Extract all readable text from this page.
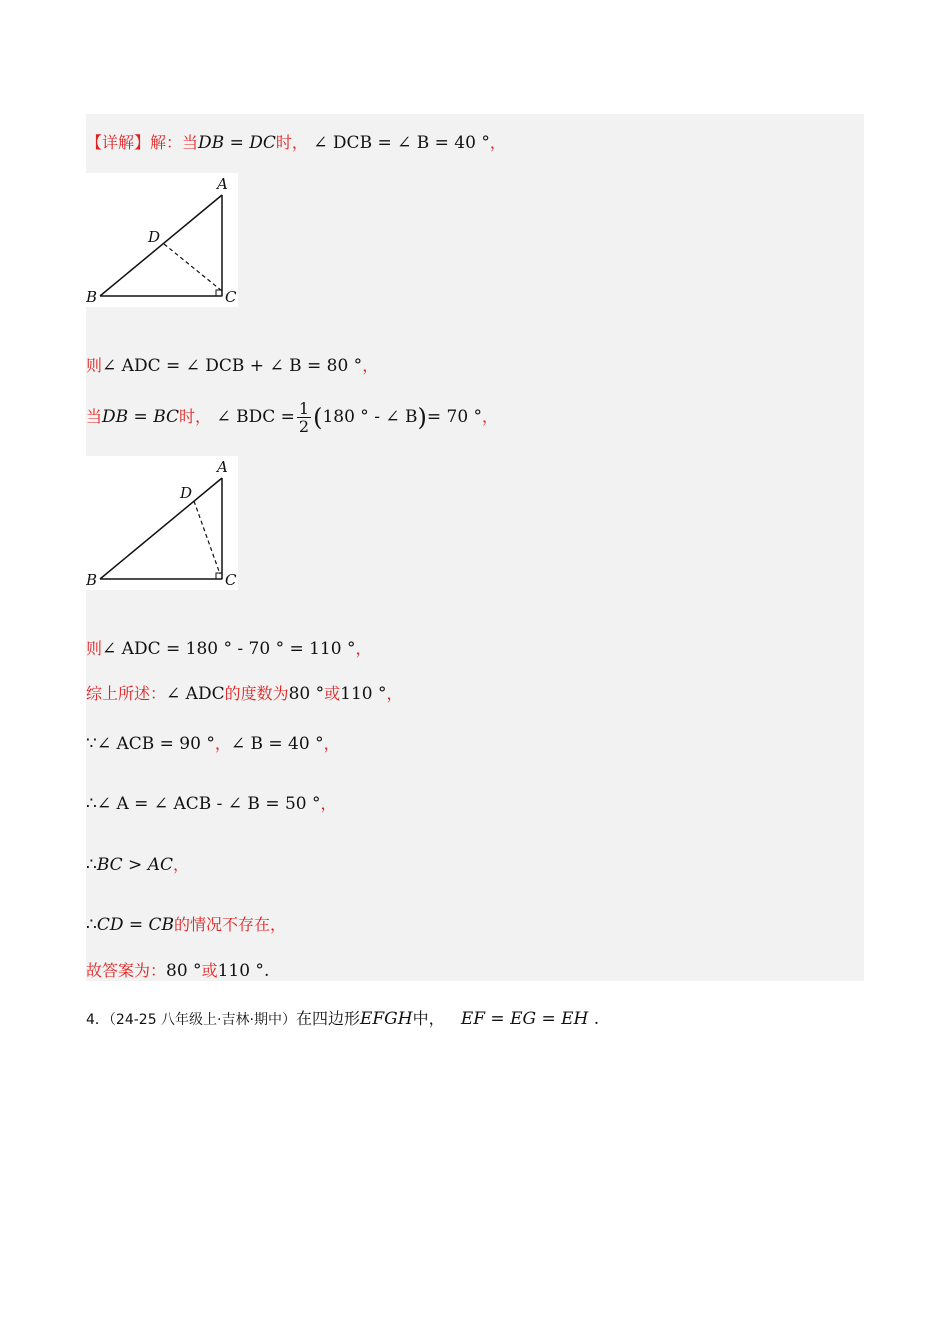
【详解】解：当DB = DC时， ∠ DCB = ∠ B = 40 °，
A
B	C
D
则∠ ADC = ∠ DCB + ∠ B = 80 °，
当DB = BC时， ∠ BDC = $\frac{1}{2} (180$ ° - ∠ B)= 70 °，
A
B	C
D
则∠ ADC = 180 ° - 70 ° = 110 °，
综上所述：∠ ADC的度数为80 °或110 °，
∵∠ ACB = 90 °，∠ B = 40 °，
∴∠ A = ∠ ACB - ∠ B = 50 °，
∴BC > AC，
∴CD = CB的情况不存在，
故答案为：80 °或110 °.
4．（24-25 八年级上·吉林·期中）在四边形EFGH中， EF = EG = EH .
